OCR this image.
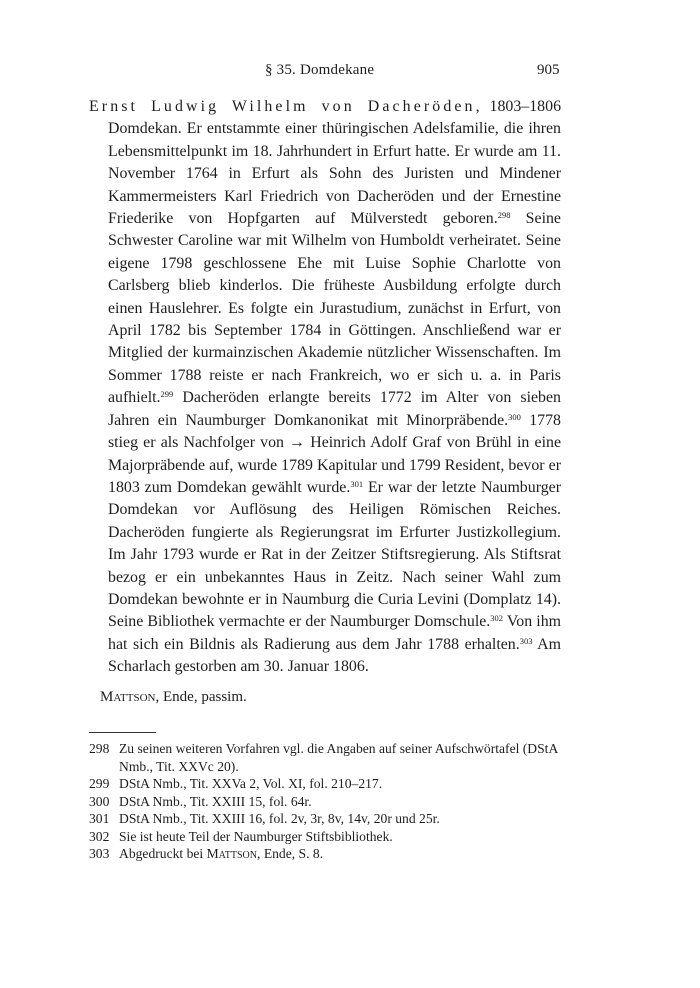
§ 35. Domdekane	905

Ernst Ludwig Wilhelm von Dacheröden, 1803–1806 Domdekan. Er entstammte einer thüringischen Adelsfamilie, die ihren Lebensmittelpunkt im 18. Jahrhundert in Erfurt hatte. Er wurde am 11. November 1764 in Erfurt als Sohn des Juristen und Mindener Kammermeisters Karl Friedrich von Dacheröden und der Ernestine Friederike von Hopfgarten auf Mülverstedt geboren.$^{298}$ Seine Schwester Caroline war mit Wilhelm von Humboldt verheiratet. Seine eigene 1798 geschlossene Ehe mit Luise Sophie Charlotte von Carlsberg blieb kinderlos. Die früheste Ausbildung erfolgte durch einen Hauslehrer. Es folgte ein Jurastudium, zunächst in Erfurt, von April 1782 bis September 1784 in Göttingen. Anschließend war er Mitglied der kurmainzischen Akademie nützlicher Wissenschaften. Im Sommer 1788 reiste er nach Frankreich, wo er sich u. a. in Paris aufhielt.$^{299}$ Dacheröden erlangte bereits 1772 im Alter von sieben Jahren ein Naumburger Domkanonikat mit Minorpräbende.$^{300}$ 1778 stieg er als Nachfolger von → Heinrich Adolf Graf von Brühl in eine Majorpräbende auf, wurde 1789 Kapitular und 1799 Resident, bevor er 1803 zum Domdekan gewählt wurde.$^{301}$ Er war der letzte Naumburger Domdekan vor Auflösung des Heiligen Römischen Reiches. Dacheröden fungierte als Regierungsrat im Erfurter Justizkollegium. Im Jahr 1793 wurde er Rat in der Zeitzer Stiftsregierung. Als Stiftsrat bezog er ein unbekanntes Haus in Zeitz. Nach seiner Wahl zum Domdekan bewohnte er in Naumburg die Curia Levini (Domplatz 14). Seine Bibliothek vermachte er der Naumburger Domschule.$^{302}$ Von ihm hat sich ein Bildnis als Radierung aus dem Jahr 1788 erhalten.$^{303}$ Am Scharlach gestorben am 30. Januar 1806.

Mattson, Ende, passim.

298 Zu seinen weiteren Vorfahren vgl. die Angaben auf seiner Aufschwörtafel (DStA Nmb., Tit. XXVc 20).
299 DStA Nmb., Tit. XXVa 2, Vol. XI, fol. 210–217.
300 DStA Nmb., Tit. XXIII 15, fol. 64r.
301 DStA Nmb., Tit. XXIII 16, fol. 2v, 3r, 8v, 14v, 20r und 25r.
302 Sie ist heute Teil der Naumburger Stiftsbibliothek.
303 Abgedruckt bei Mattson, Ende, S. 8.
